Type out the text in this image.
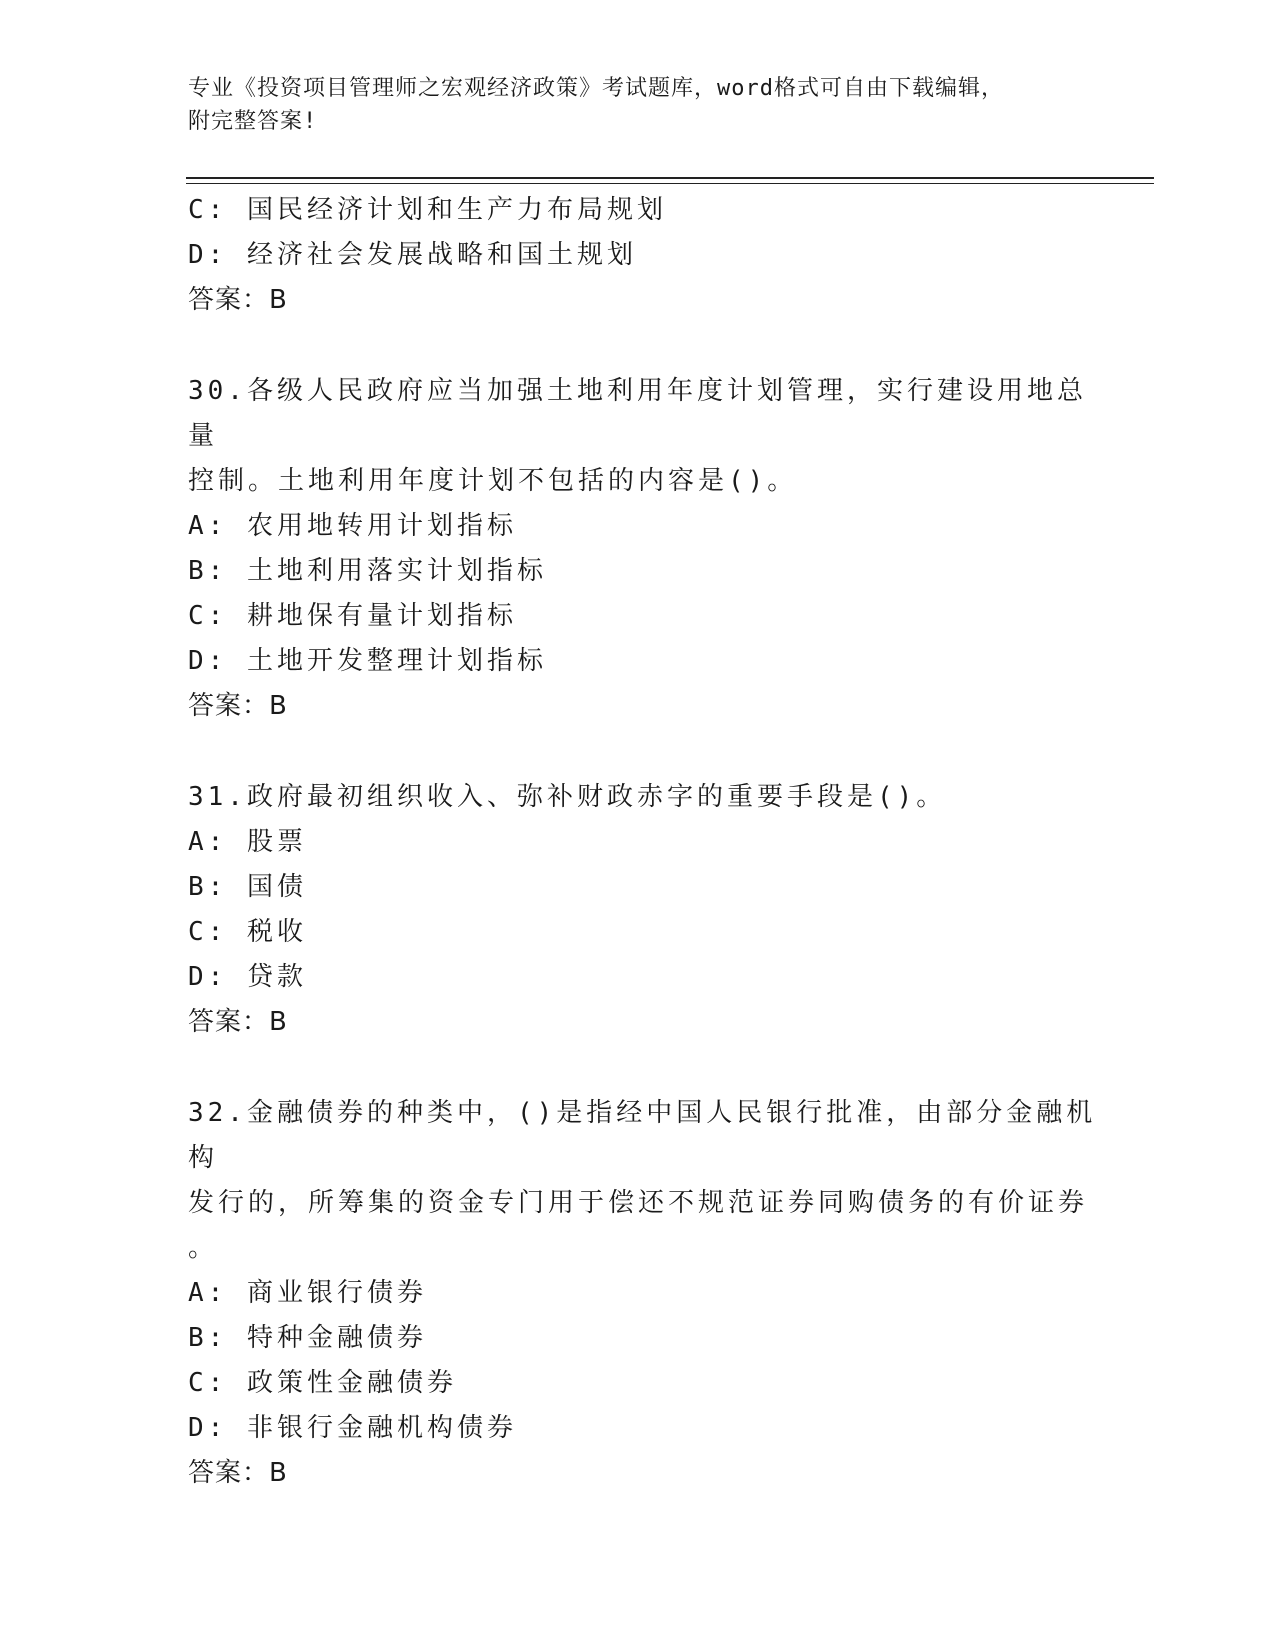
专业《投资项目管理师之宏观经济政策》考试题库，word格式可自由下载编辑，
附完整答案!
C: 国民经济计划和生产力布局规划
D: 经济社会发展战略和国土规划
答案：B
30.各级人民政府应当加强土地利用年度计划管理，实行建设用地总量
控制。土地利用年度计划不包括的内容是()。
A: 农用地转用计划指标
B: 土地利用落实计划指标
C: 耕地保有量计划指标
D: 土地开发整理计划指标
答案：B
31.政府最初组织收入、弥补财政赤字的重要手段是()。
A: 股票
B: 国债
C: 税收
D: 贷款
答案：B
32.金融债券的种类中，()是指经中国人民银行批准，由部分金融机构
发行的，所筹集的资金专门用于偿还不规范证券同购债务的有价证券
。
A: 商业银行债券
B: 特种金融债券
C: 政策性金融债券
D: 非银行金融机构债券
答案：B
